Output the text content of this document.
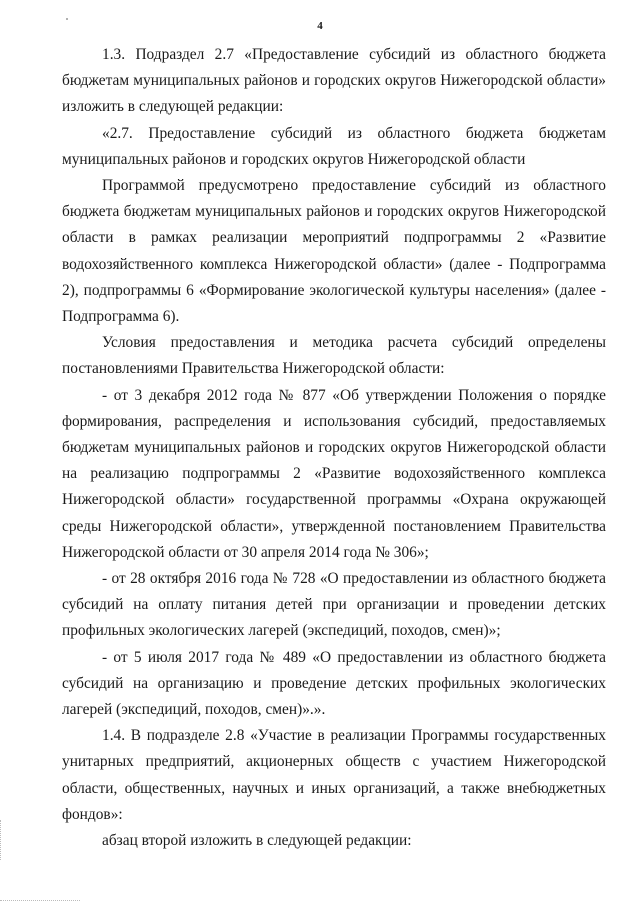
4

1.3. Подраздел 2.7 «Предоставление субсидий из областного бюджета бюджетам муниципальных районов и городских округов Нижегородской области» изложить в следующей редакции:

«2.7. Предоставление субсидий из областного бюджета бюджетам муниципальных районов и городских округов Нижегородской области

Программой предусмотрено предоставление субсидий из областного бюджета бюджетам муниципальных районов и городских округов Нижегородской области в рамках реализации мероприятий подпрограммы 2 «Развитие водохозяйственного комплекса Нижегородской области» (далее - Подпрограмма 2), подпрограммы 6 «Формирование экологической культуры населения» (далее - Подпрограмма 6).

Условия предоставления и методика расчета субсидий определены постановлениями Правительства Нижегородской области:

- от 3 декабря 2012 года № 877 «Об утверждении Положения о порядке формирования, распределения и использования субсидий, предоставляемых бюджетам муниципальных районов и городских округов Нижегородской области на реализацию подпрограммы 2 «Развитие водохозяйственного комплекса Нижегородской области» государственной программы «Охрана окружающей среды Нижегородской области», утвержденной постановлением Правительства Нижегородской области от 30 апреля 2014 года № 306»;

- от 28 октября 2016 года № 728 «О предоставлении из областного бюджета субсидий на оплату питания детей при организации и проведении детских профильных экологических лагерей (экспедиций, походов, смен)»;

- от 5 июля 2017 года № 489 «О предоставлении из областного бюджета субсидий на организацию и проведение детских профильных экологических лагерей (экспедиций, походов, смен)».».

1.4. В подразделе 2.8 «Участие в реализации Программы государственных унитарных предприятий, акционерных обществ с участием Нижегородской области, общественных, научных и иных организаций, а также внебюджетных фондов»:

абзац второй изложить в следующей редакции:
